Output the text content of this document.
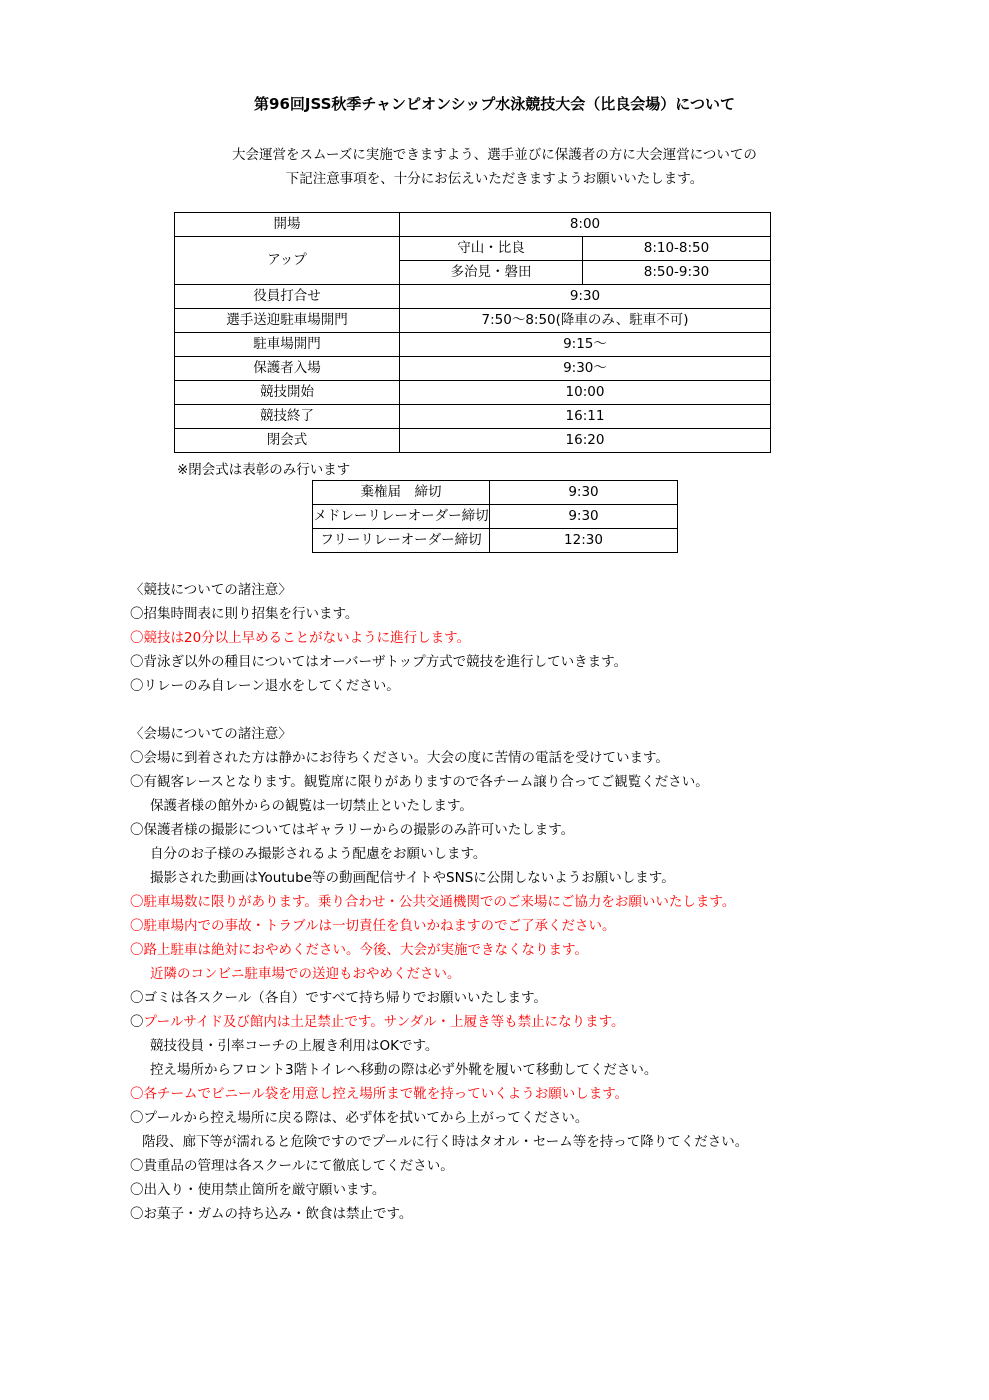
第96回JSS秋季チャンピオンシップ水泳競技大会（比良会場）について
大会運営をスムーズに実施できますよう、選手並びに保護者の方に大会運営についての
下記注意事項を、十分にお伝えいただきますようお願いいたします。
開場	8:00	
アップ	守山・比良	8:10-8:50
	多治見・磐田	8:50-9:30
役員打合せ	9:30	
選手送迎駐車場開門	7:50～8:50(降車のみ、駐車不可)	
駐車場開門	9:15～	
保護者入場	9:30～	
競技開始	10:00	
競技終了	16:11	
閉会式	16:20	
※閉会式は表彰のみ行います
棄権届　締切	9:30
メドレーリレーオーダー締切	9:30
フリーリレーオーダー締切	12:30
〈競技についての諸注意〉
〇招集時間表に則り招集を行います。
〇競技は20分以上早めることがないように進行します。
〇背泳ぎ以外の種目についてはオーバーザトップ方式で競技を進行していきます。
〇リレーのみ自レーン退水をしてください。
〈会場についての諸注意〉
〇会場に到着された方は静かにお待ちください。大会の度に苦情の電話を受けています。
〇有観客レースとなります。観覧席に限りがありますので各チーム譲り合ってご観覧ください。
保護者様の館外からの観覧は一切禁止といたします。
〇保護者様の撮影についてはギャラリーからの撮影のみ許可いたします。
自分のお子様のみ撮影されるよう配慮をお願いします。
撮影された動画はYoutube等の動画配信サイトやSNSに公開しないようお願いします。
〇駐車場数に限りがあります。乗り合わせ・公共交通機関でのご来場にご協力をお願いいたします。
〇駐車場内での事故・トラブルは一切責任を負いかねますのでご了承ください。
〇路上駐車は絶対におやめください。今後、大会が実施できなくなります。
近隣のコンビニ駐車場での送迎もおやめください。
〇ゴミは各スクール（各自）ですべて持ち帰りでお願いいたします。
〇プールサイド及び館内は土足禁止です。サンダル・上履き等も禁止になります。
競技役員・引率コーチの上履き利用はOKです。
控え場所からフロント3階トイレへ移動の際は必ず外靴を履いて移動してください。
〇各チームでビニール袋を用意し控え場所まで靴を持っていくようお願いします。
〇プールから控え場所に戻る際は、必ず体を拭いてから上がってください。
階段、廊下等が濡れると危険ですのでプールに行く時はタオル・セーム等を持って降りてください。
〇貴重品の管理は各スクールにて徹底してください。
〇出入り・使用禁止箇所を厳守願います。
〇お菓子・ガムの持ち込み・飲食は禁止です。
